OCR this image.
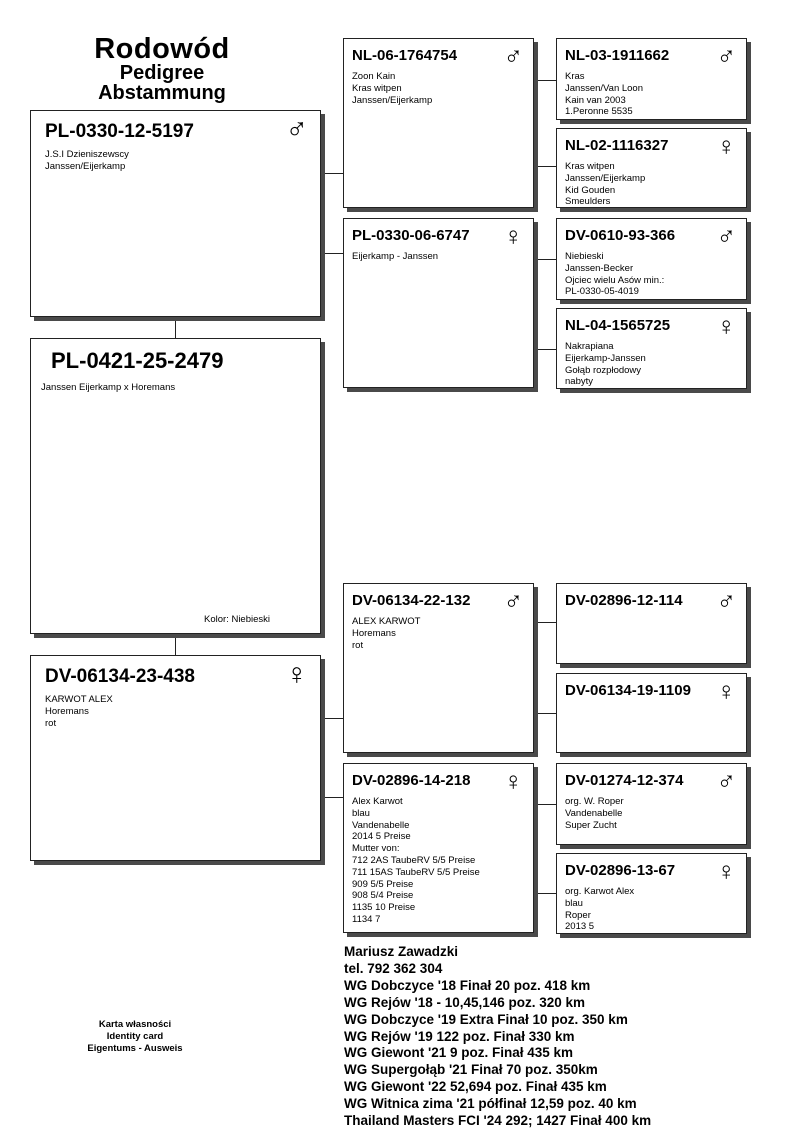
Rodowód
Pedigree
Abstammung
PL-0330-12-5197	♂
J.S.I Dzieniszewscy
Janssen/Eijerkamp
PL-0421-25-2479
Janssen Eijerkamp x Horemans
Kolor: Niebieski
DV-06134-23-438	♀
KARWOT ALEX
Horemans
rot
NL-06-1764754 ♂
Zoon Kain
Kras witpen
Janssen/Eijerkamp
PL-0330-06-6747 ♀
Eijerkamp - Janssen
DV-06134-22-132 ♂
ALEX KARWOT
Horemans
rot
DV-02896-14-218 ♀
Alex Karwot
blau
Vandenabelle
2014 5 Preise
Mutter von:
712 2AS TaubeRV 5/5 Preise
711 15AS TaubeRV 5/5 Preise
909 5/5 Preise
908 5/4 Preise
1135 10 Preise
1134 7
NL-03-1911662 ♂
Kras
Janssen/Van Loon
Kain van 2003
1.Peronne 5535
NL-02-1116327 ♀
Kras witpen
Janssen/Eijerkamp
Kid Gouden
Smeulders
DV-0610-93-366 ♂
Niebieski
Janssen-Becker
Ojciec wielu Asów min.:
PL-0330-05-4019
NL-04-1565725 ♀
Nakrapiana
Eijerkamp-Janssen
Gołąb rozpłodowy
nabyty
DV-02896-12-114 ♂
DV-06134-19-1109 ♀
DV-01274-12-374 ♂
org. W. Roper
Vandenabelle
Super Zucht
DV-02896-13-67 ♀
org. Karwot Alex
blau
Roper
2013 5
Karta własności
Identity card
Eigentums - Ausweis
Mariusz Zawadzki
tel. 792 362 304
WG Dobczyce '18 Finał 20 poz. 418 km
WG Rejów '18 - 10,45,146 poz. 320 km
WG Dobczyce '19 Extra Finał 10 poz. 350 km
WG Rejów '19 122 poz. Finał 330 km
WG Giewont '21 9 poz. Finał 435 km
WG Supergołąb '21 Finał 70 poz. 350km
WG Giewont '22 52,694 poz. Finał 435 km
WG Witnica zima '21 półfinał 12,59 poz. 40 km
Thailand Masters FCI '24 292; 1427 Finał 400 km
